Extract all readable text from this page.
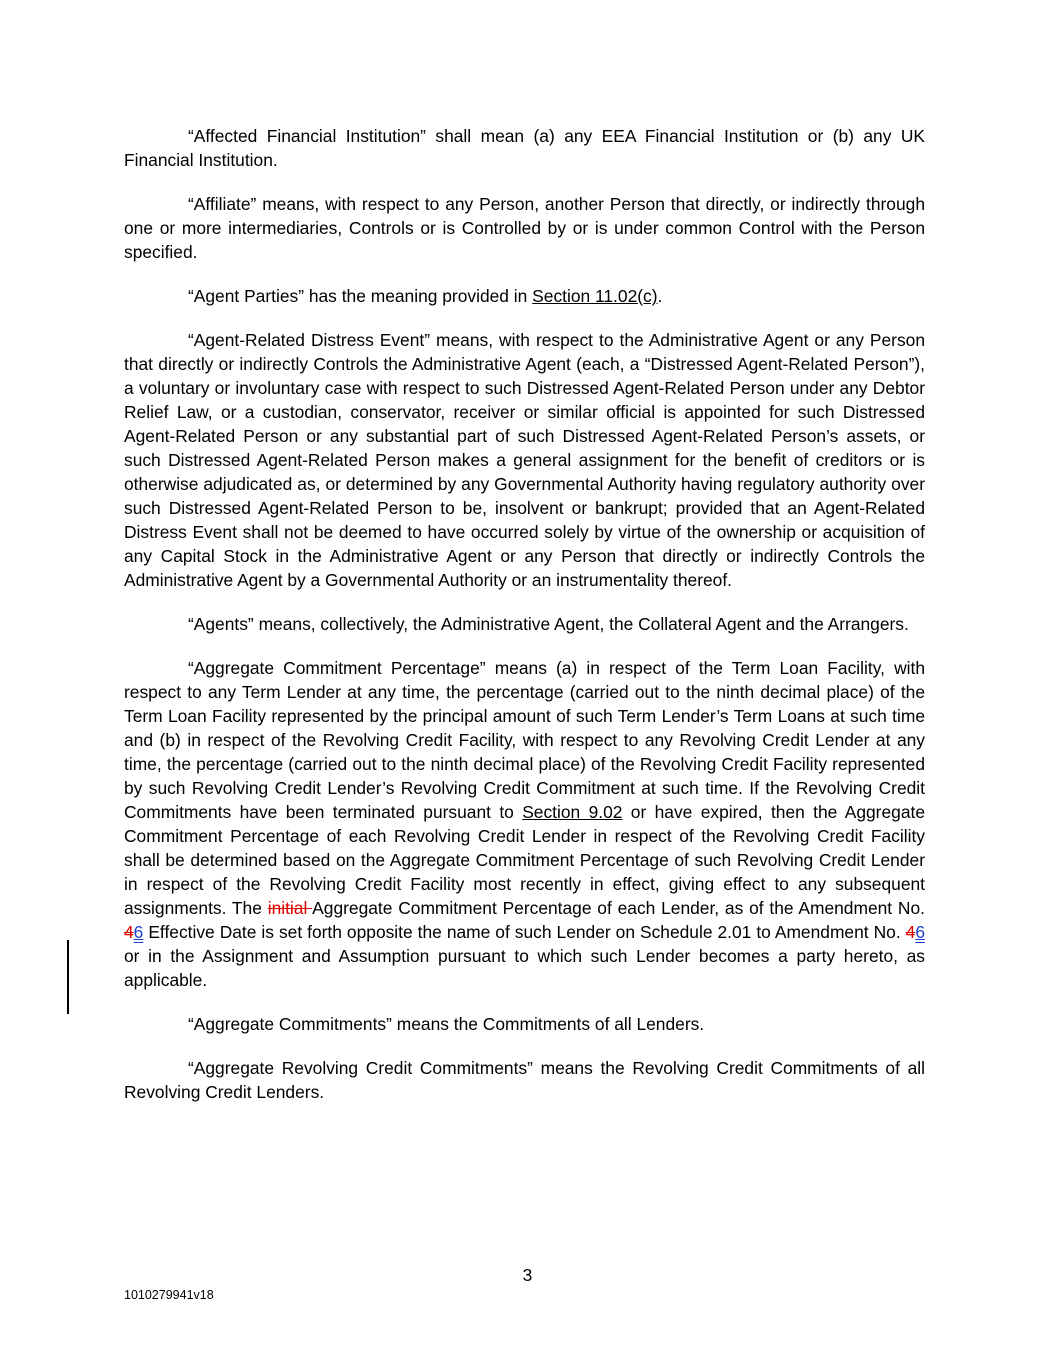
“Affected Financial Institution” shall mean (a) any EEA Financial Institution or (b) any UK Financial Institution.

“Affiliate” means, with respect to any Person, another Person that directly, or indirectly through one or more intermediaries, Controls or is Controlled by or is under common Control with the Person specified.

“Agent Parties” has the meaning provided in Section 11.02(c).

“Agent-Related Distress Event” means, with respect to the Administrative Agent or any Person that directly or indirectly Controls the Administrative Agent (each, a “Distressed Agent-Related Person”), a voluntary or involuntary case with respect to such Distressed Agent-Related Person under any Debtor Relief Law, or a custodian, conservator, receiver or similar official is appointed for such Distressed Agent-Related Person or any substantial part of such Distressed Agent-Related Person’s assets, or such Distressed Agent-Related Person makes a general assignment for the benefit of creditors or is otherwise adjudicated as, or determined by any Governmental Authority having regulatory authority over such Distressed Agent-Related Person to be, insolvent or bankrupt; provided that an Agent-Related Distress Event shall not be deemed to have occurred solely by virtue of the ownership or acquisition of any Capital Stock in the Administrative Agent or any Person that directly or indirectly Controls the Administrative Agent by a Governmental Authority or an instrumentality thereof.

“Agents” means, collectively, the Administrative Agent, the Collateral Agent and the Arrangers.

“Aggregate Commitment Percentage” means (a) in respect of the Term Loan Facility, with respect to any Term Lender at any time, the percentage (carried out to the ninth decimal place) of the Term Loan Facility represented by the principal amount of such Term Lender’s Term Loans at such time and (b) in respect of the Revolving Credit Facility, with respect to any Revolving Credit Lender at any time, the percentage (carried out to the ninth decimal place) of the Revolving Credit Facility represented by such Revolving Credit Lender’s Revolving Credit Commitment at such time. If the Revolving Credit Commitments have been terminated pursuant to Section 9.02 or have expired, then the Aggregate Commitment Percentage of each Revolving Credit Lender in respect of the Revolving Credit Facility shall be determined based on the Aggregate Commitment Percentage of such Revolving Credit Lender in respect of the Revolving Credit Facility most recently in effect, giving effect to any subsequent assignments. The initial Aggregate Commitment Percentage of each Lender, as of the Amendment No. 46 Effective Date is set forth opposite the name of such Lender on Schedule 2.01 to Amendment No. 46 or in the Assignment and Assumption pursuant to which such Lender becomes a party hereto, as applicable.

“Aggregate Commitments” means the Commitments of all Lenders.

“Aggregate Revolving Credit Commitments” means the Revolving Credit Commitments of all Revolving Credit Lenders.

3
1010279941v18
